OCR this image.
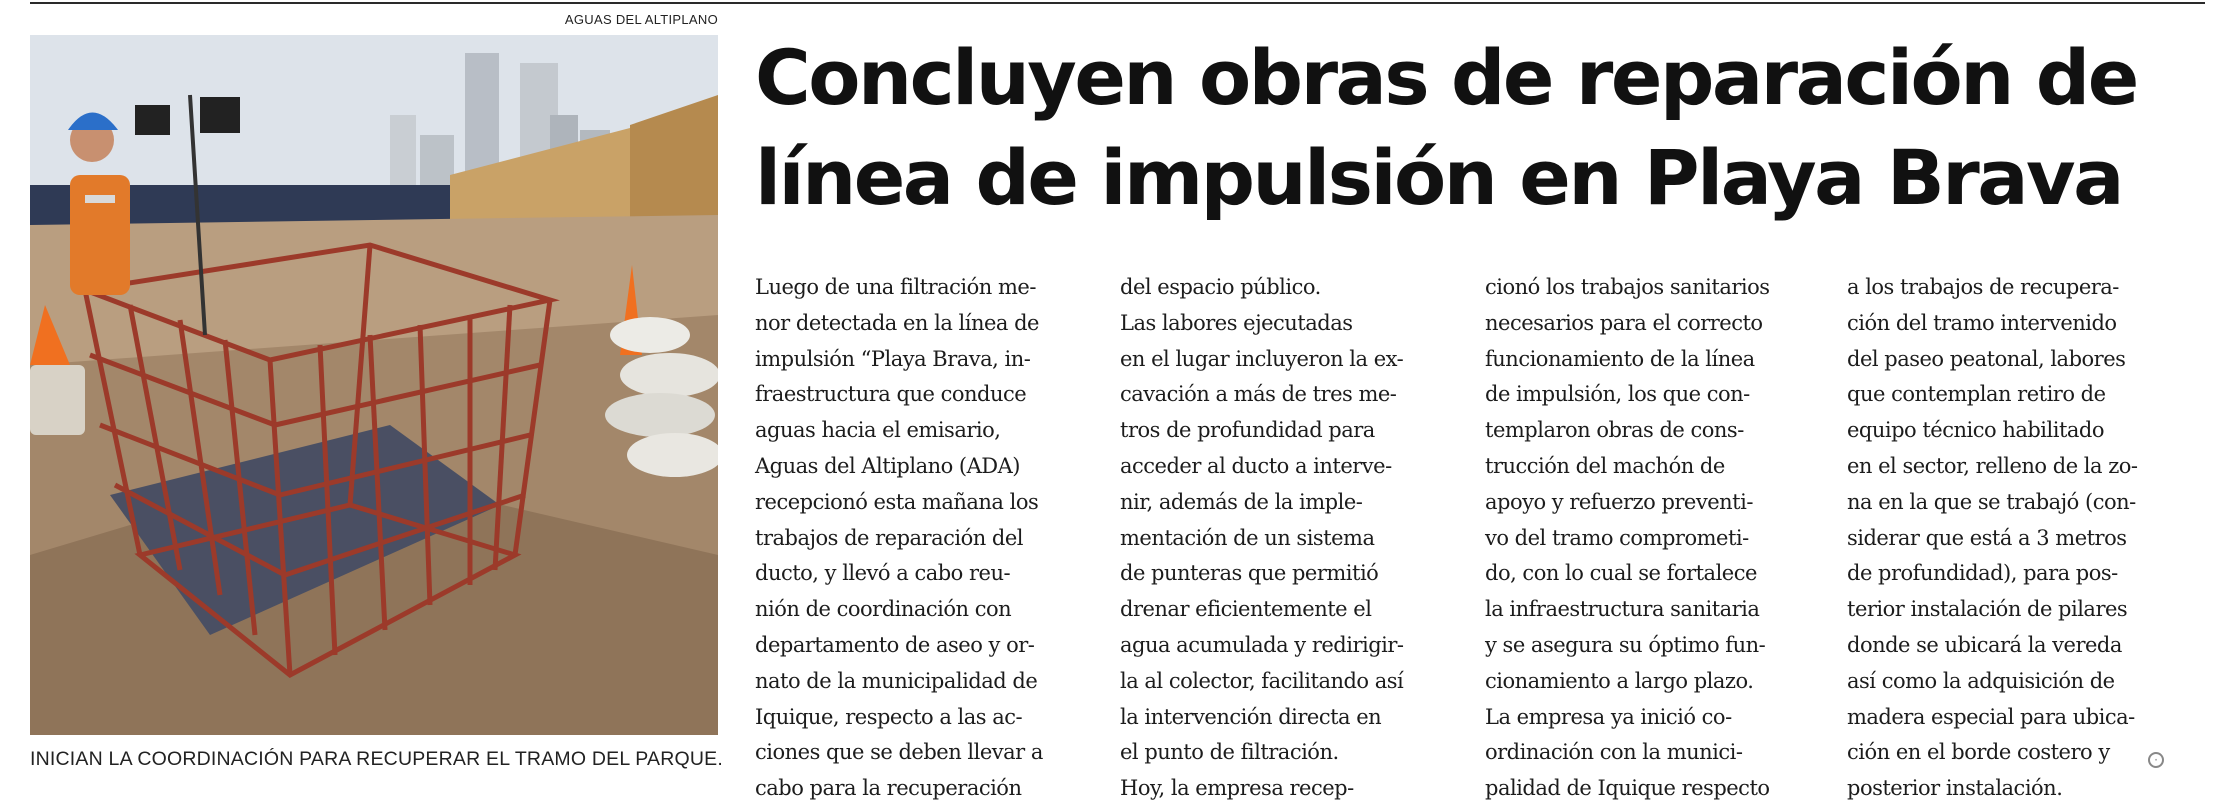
AGUAS DEL ALTIPLANO
INICIAN LA COORDINACIÓN PARA RECUPERAR EL TRAMO DEL PARQUE.
Concluyen obras de reparación de
línea de impulsión en Playa Brava
Luego de una filtración me-
nor detectada en la línea de
impulsión “Playa Brava, in-
fraestructura que conduce
aguas hacia el emisario,
Aguas del Altiplano (ADA)
recepcionó esta mañana los
trabajos de reparación del
ducto, y llevó a cabo reu-
nión de coordinación con
departamento de aseo y or-
nato de la municipalidad de
Iquique, respecto a las ac-
ciones que se deben llevar a
cabo para la recuperación
del espacio público.
Las labores ejecutadas
en el lugar incluyeron la ex-
cavación a más de tres me-
tros de profundidad para
acceder al ducto a interve-
nir, además de la imple-
mentación de un sistema
de punteras que permitió
drenar eficientemente el
agua acumulada y redirigir-
la al colector, facilitando así
la intervención directa en
el punto de filtración.
Hoy, la empresa recep-
cionó los trabajos sanitarios
necesarios para el correcto
funcionamiento de la línea
de impulsión, los que con-
templaron obras de cons-
trucción del machón de
apoyo y refuerzo preventi-
vo del tramo comprometi-
do, con lo cual se fortalece
la infraestructura sanitaria
y se asegura su óptimo fun-
cionamiento a largo plazo.
La empresa ya inició co-
ordinación con la munici-
palidad de Iquique respecto
a los trabajos de recupera-
ción del tramo intervenido
del paseo peatonal, labores
que contemplan retiro de
equipo técnico habilitado
en el sector, relleno de la zo-
na en la que se trabajó (con-
siderar que está a 3 metros
de profundidad), para pos-
terior instalación de pilares
donde se ubicará la vereda
así como la adquisición de
madera especial para ubica-
ción en el borde costero y
posterior instalación.
·
